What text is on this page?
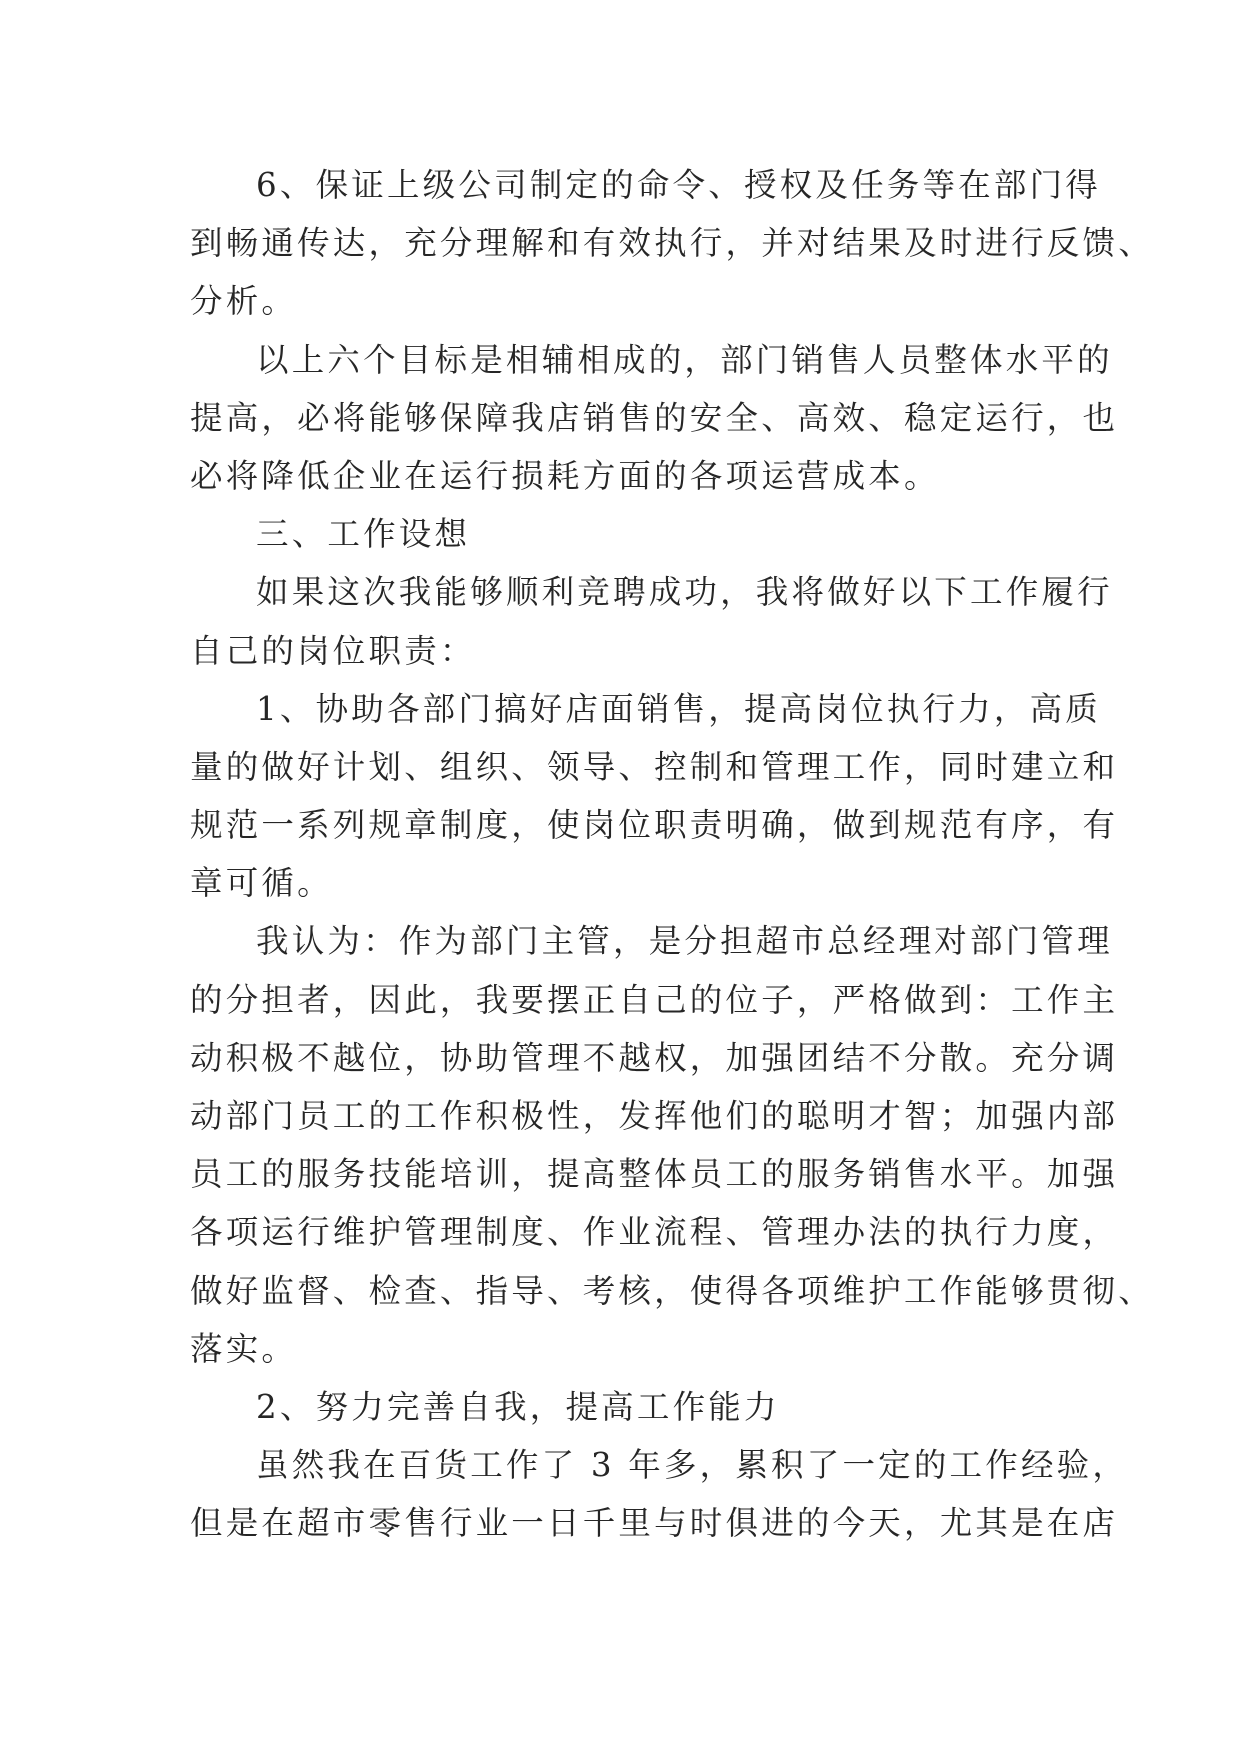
6、保证上级公司制定的命令、授权及任务等在部门得
到畅通传达，充分理解和有效执行，并对结果及时进行反馈、
分析。
以上六个目标是相辅相成的，部门销售人员整体水平的
提高，必将能够保障我店销售的安全、高效、稳定运行，也
必将降低企业在运行损耗方面的各项运营成本。
三、工作设想
如果这次我能够顺利竞聘成功，我将做好以下工作履行
自己的岗位职责：
1、协助各部门搞好店面销售，提高岗位执行力，高质
量的做好计划、组织、领导、控制和管理工作，同时建立和
规范一系列规章制度，使岗位职责明确，做到规范有序，有
章可循。
我认为：作为部门主管，是分担超市总经理对部门管理
的分担者，因此，我要摆正自己的位子，严格做到：工作主
动积极不越位，协助管理不越权，加强团结不分散。充分调
动部门员工的工作积极性，发挥他们的聪明才智；加强内部
员工的服务技能培训，提高整体员工的服务销售水平。加强
各项运行维护管理制度、作业流程、管理办法的执行力度，
做好监督、检查、指导、考核，使得各项维护工作能够贯彻、
落实。
2、努力完善自我，提高工作能力
虽然我在百货工作了 3 年多，累积了一定的工作经验，
但是在超市零售行业一日千里与时俱进的今天，尤其是在店
